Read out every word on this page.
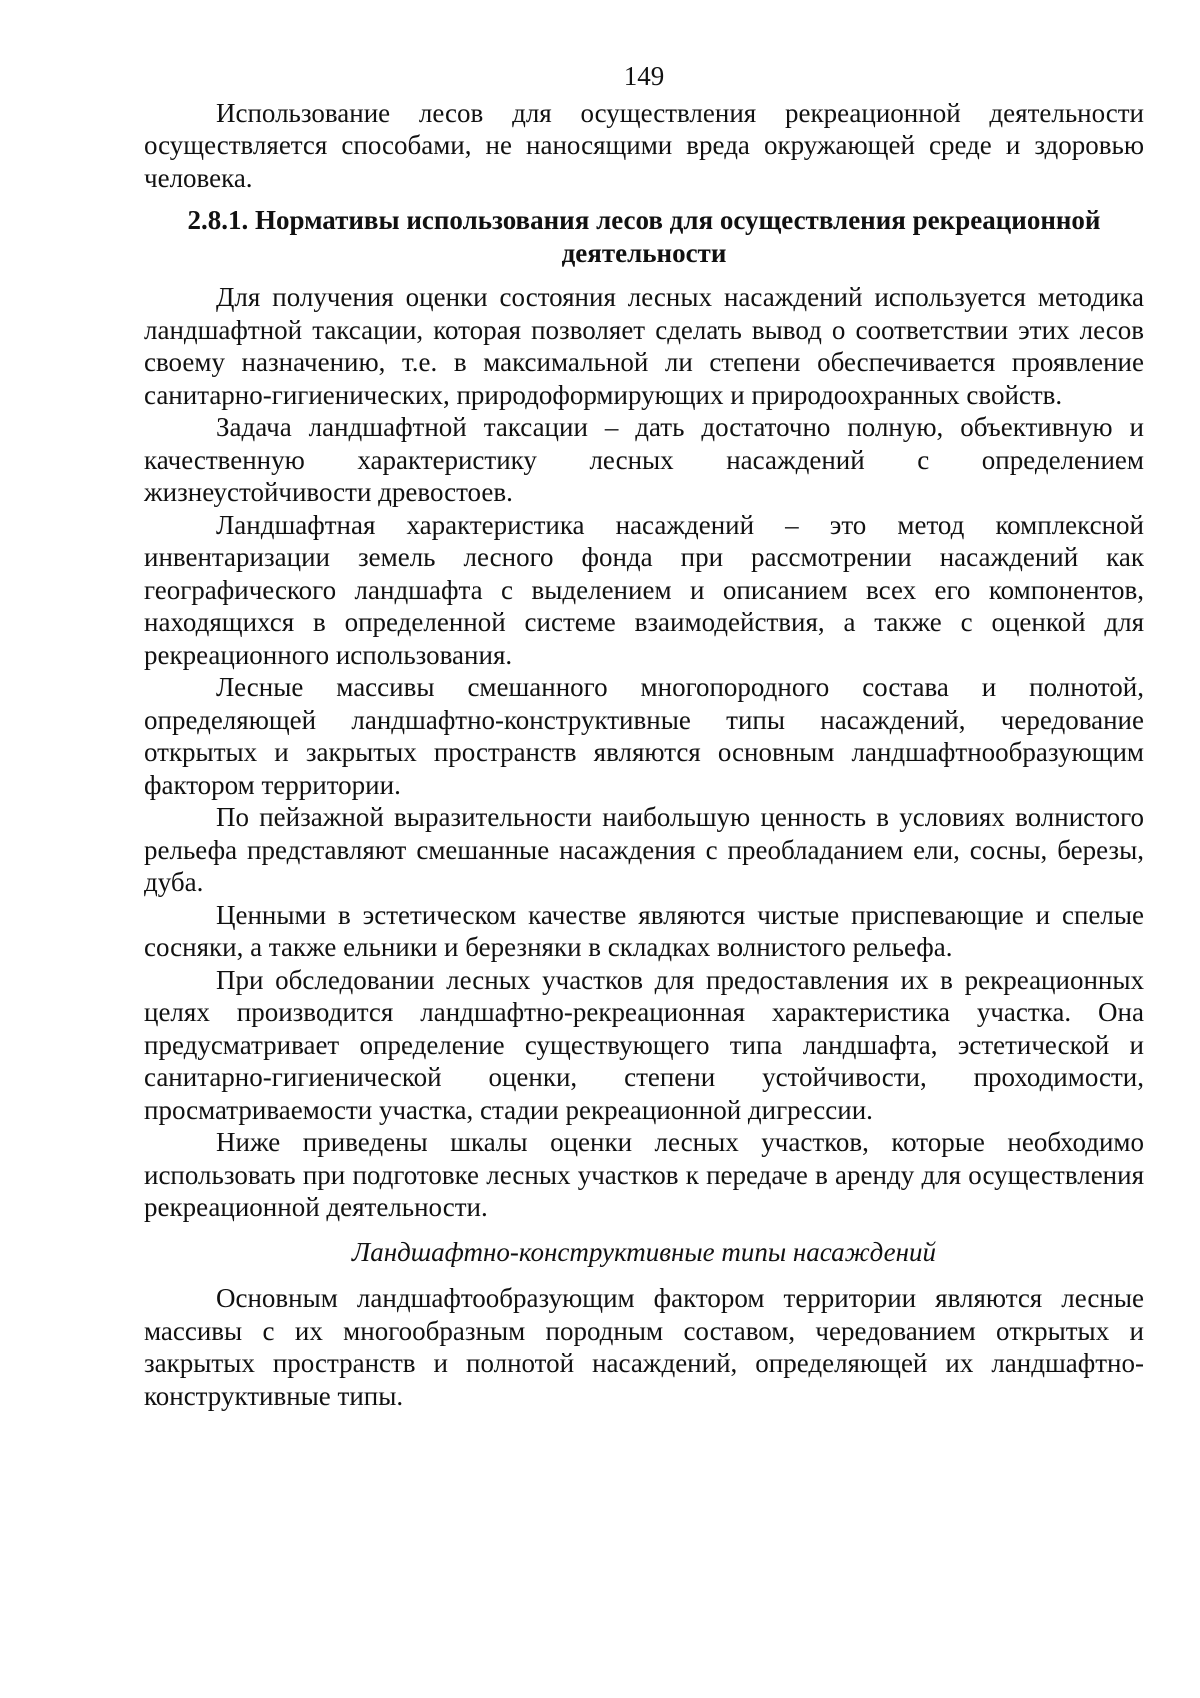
149

Использование лесов для осуществления рекреационной деятельности осуществляется способами, не наносящими вреда окружающей среде и здоровью человека.

2.8.1. Нормативы использования лесов для осуществления рекреационной деятельности

Для получения оценки состояния лесных насаждений используется методика ландшафтной таксации, которая позволяет сделать вывод о соответствии этих лесов своему назначению, т.е. в максимальной ли степени обеспечивается проявление санитарно-гигиенических, природоформирующих и природоохранных свойств.

Задача ландшафтной таксации – дать достаточно полную, объективную и качественную характеристику лесных насаждений с определением жизнеустойчивости древостоев.

Ландшафтная характеристика насаждений – это метод комплексной инвентаризации земель лесного фонда при рассмотрении насаждений как географического ландшафта с выделением и описанием всех его компонентов, находящихся в определенной системе взаимодействия, а также с оценкой для рекреационного использования.

Лесные массивы смешанного многопородного состава и полнотой, определяющей ландшафтно-конструктивные типы насаждений, чередование открытых и закрытых пространств являются основным ландшафтнообразующим фактором территории.

По пейзажной выразительности наибольшую ценность в условиях волнистого рельефа представляют смешанные насаждения с преобладанием ели, сосны, березы, дуба.

Ценными в эстетическом качестве являются чистые приспевающие и спелые сосняки, а также ельники и березняки в складках волнистого рельефа.

При обследовании лесных участков для предоставления их в рекреационных целях производится ландшафтно-рекреационная характеристика участка. Она предусматривает определение существующего типа ландшафта, эстетической и санитарно-гигиенической оценки, степени устойчивости, проходимости, просматриваемости участка, стадии рекреационной дигрессии.

Ниже приведены шкалы оценки лесных участков, которые необходимо использовать при подготовке лесных участков к передаче в аренду для осуществления рекреационной деятельности.

Ландшафтно-конструктивные типы насаждений

Основным ландшафтообразующим фактором территории являются лесные массивы с их многообразным породным составом, чередованием открытых и закрытых пространств и полнотой насаждений, определяющей их ландшафтно-конструктивные типы.
